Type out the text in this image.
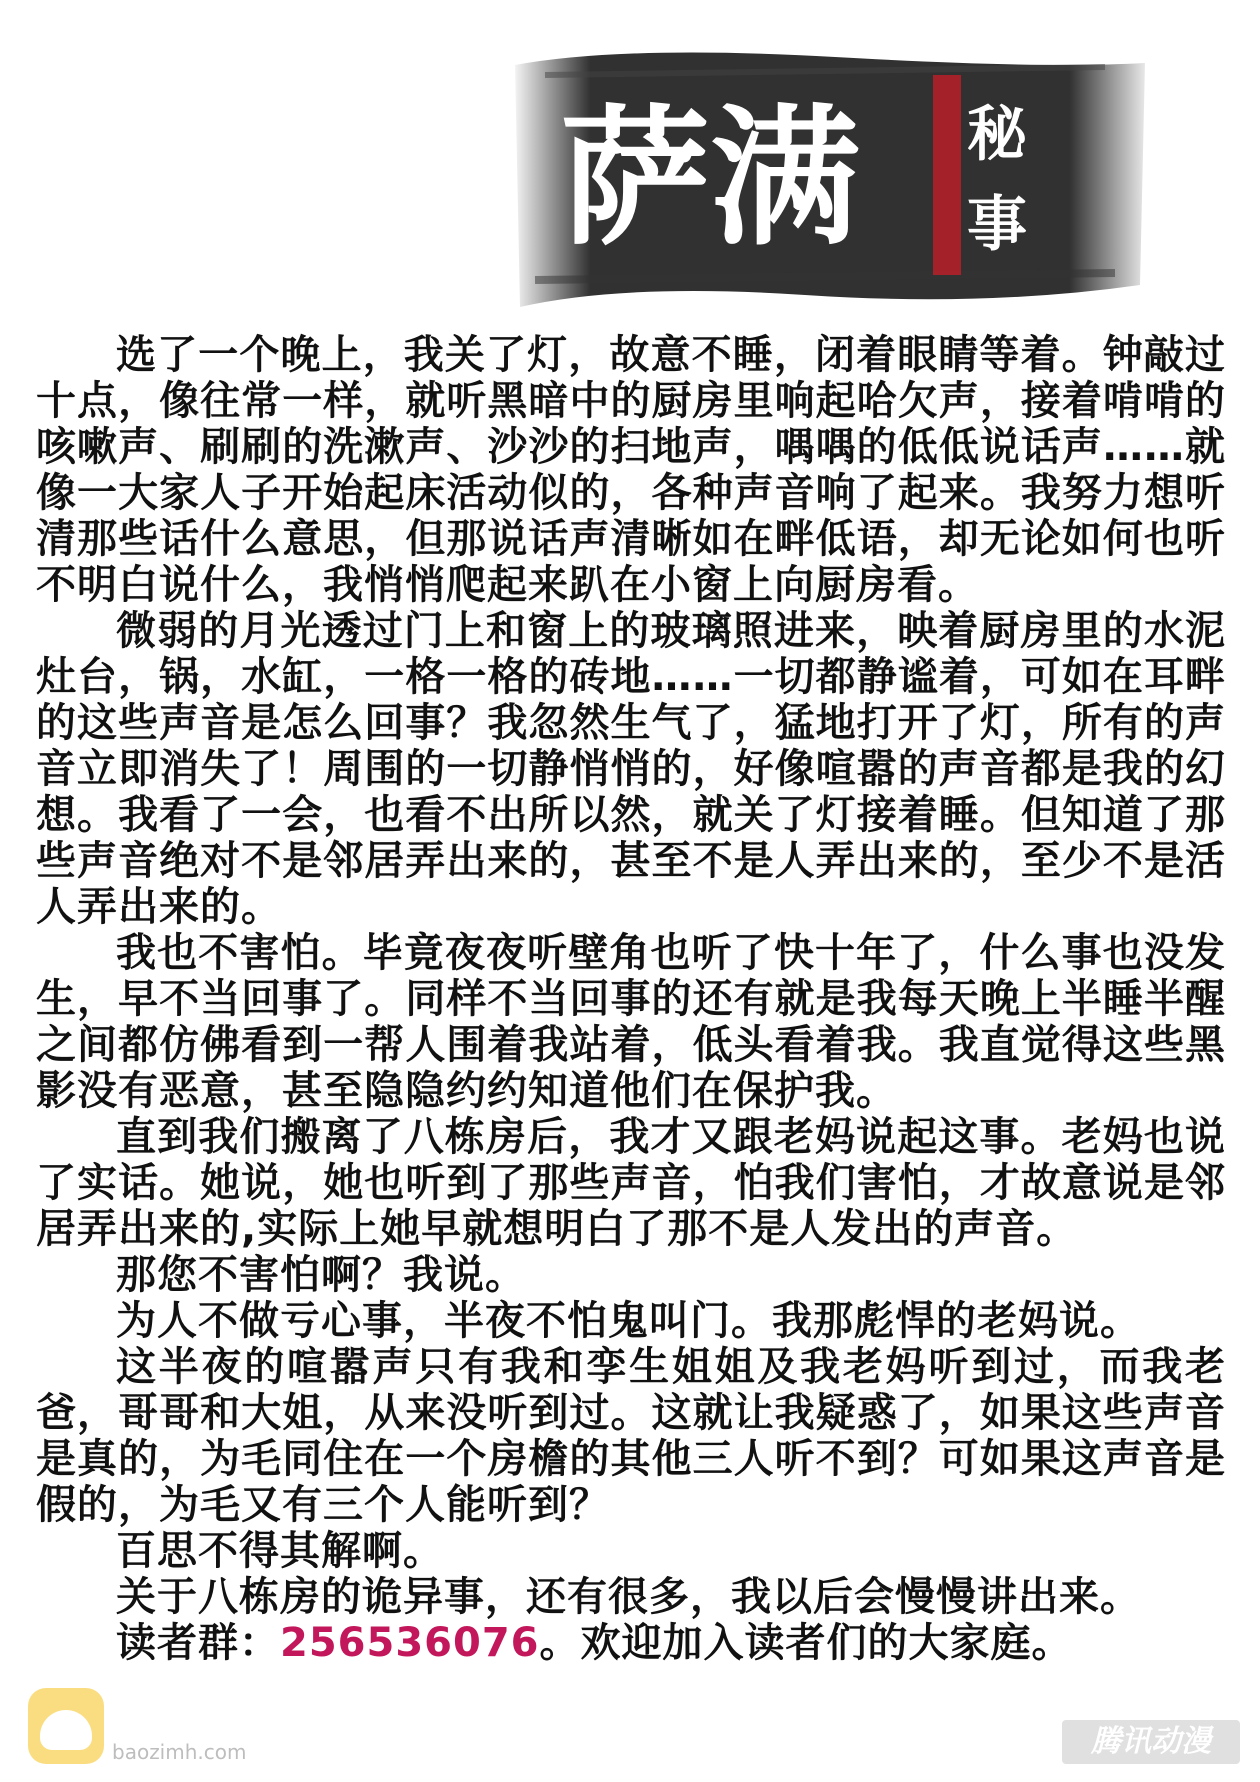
萨满 秘
事

选了一个晚上，我关了灯，故意不睡，闭着眼睛等着。钟敲过十点，像往常一样，就听黑暗中的厨房里响起哈欠声，接着啃啃的咳嗽声、刷刷的洗漱声、沙沙的扫地声，喁喁的低低说话声……就像一大家人子开始起床活动似的，各种声音响了起来。我努力想听清那些话什么意思，但那说话声清晰如在畔低语，却无论如何也听不明白说什么，我悄悄爬起来趴在小窗上向厨房看。

微弱的月光透过门上和窗上的玻璃照进来，映着厨房里的水泥灶台，锅，水缸，一格一格的砖地……一切都静谧着，可如在耳畔的这些声音是怎么回事？我忽然生气了，猛地打开了灯，所有的声音立即消失了！周围的一切静悄悄的，好像喧嚣的声音都是我的幻想。我看了一会，也看不出所以然，就关了灯接着睡。但知道了那些声音绝对不是邻居弄出来的，甚至不是人弄出来的，至少不是活人弄出来的。

我也不害怕。毕竟夜夜听壁角也听了快十年了，什么事也没发生，早不当回事了。同样不当回事的还有就是我每天晚上半睡半醒之间都仿佛看到一帮人围着我站着，低头看着我。我直觉得这些黑影没有恶意，甚至隐隐约约知道他们在保护我。

直到我们搬离了八栋房后，我才又跟老妈说起这事。老妈也说了实话。她说，她也听到了那些声音，怕我们害怕，才故意说是邻居弄出来的,实际上她早就想明白了那不是人发出的声音。

那您不害怕啊？我说。

为人不做亏心事，半夜不怕鬼叫门。我那彪悍的老妈说。

这半夜的喧嚣声只有我和孪生姐姐及我老妈听到过，而我老爸，哥哥和大姐，从来没听到过。这就让我疑惑了，如果这些声音是真的，为毛同住在一个房檐的其他三人听不到？可如果这声音是假的，为毛又有三个人能听到？

百思不得其解啊。

关于八栋房的诡异事，还有很多，我以后会慢慢讲出来。

读者群：256536076。欢迎加入读者们的大家庭。
baozimh.com	腾讯动漫
